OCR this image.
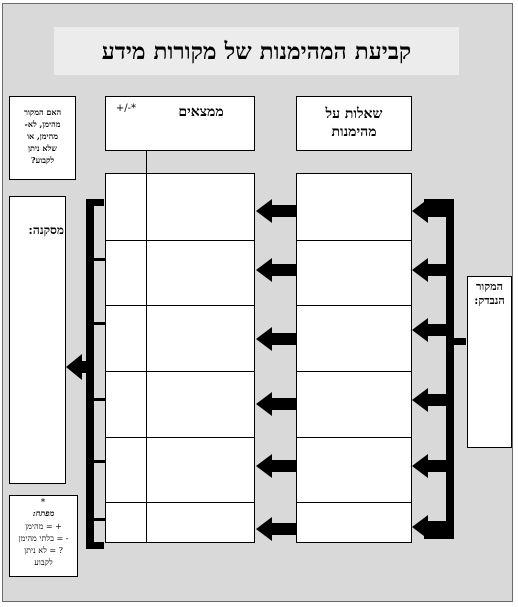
קביעת המהימנות של מקורות מידע
שאלות על
מהימנות
ממצאים
+/-*
האם המקור
מהימן, לא-
מהימן, או
שלא ניתן
לקבוע?
מסקנה:
*
מפתח:
+ = מהימן
- = בלתי מהימן
? = לא ניתן
לקבוע
המקור
הנבדק:
